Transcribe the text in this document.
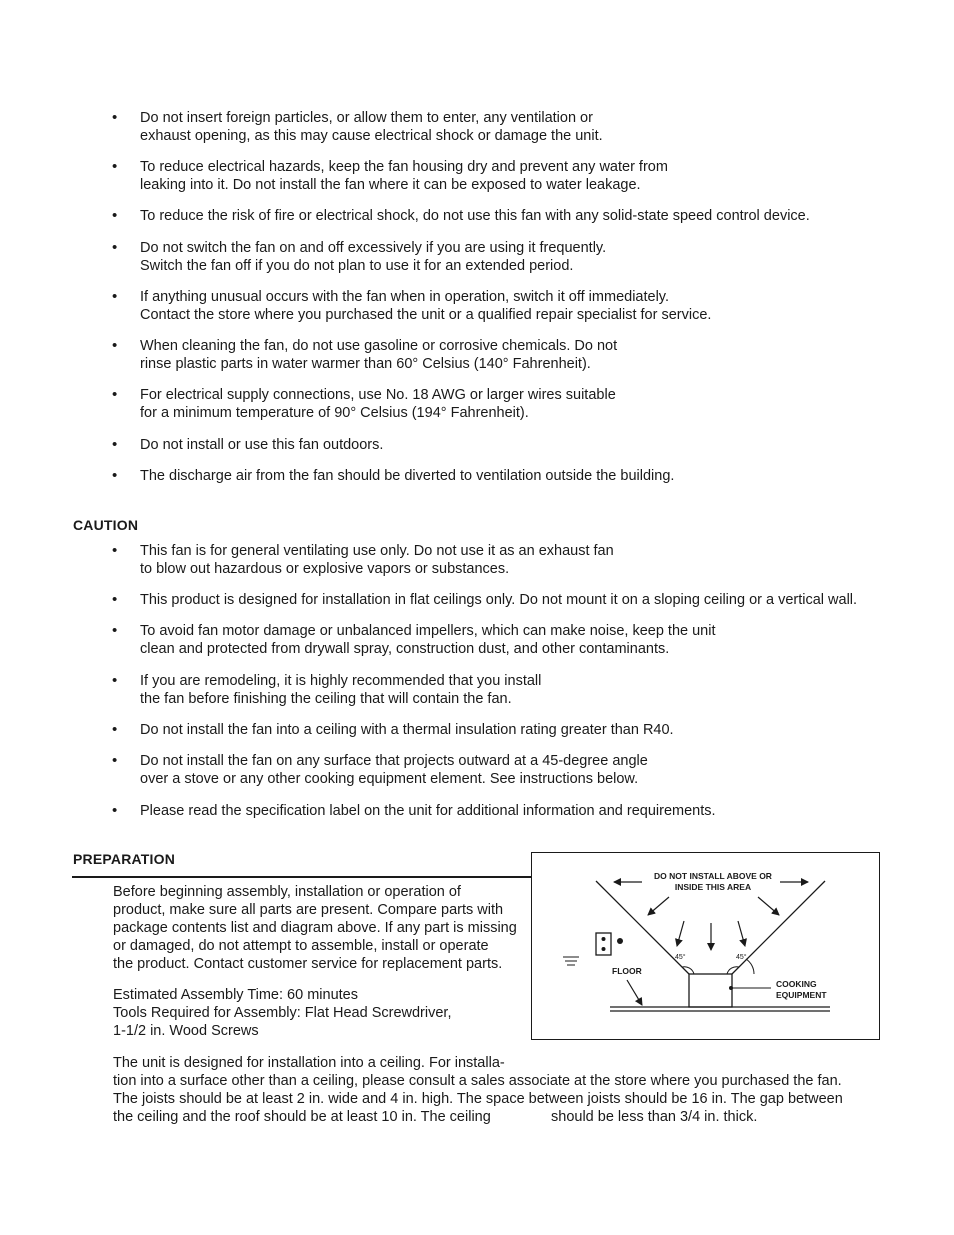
• Do not insert foreign particles, or allow them to enter, any ventilation or
exhaust opening, as this may cause electrical shock or damage the unit.
• To reduce electrical hazards, keep the fan housing dry and prevent any water from
leaking into it. Do not install the fan where it can be exposed to water leakage.
• To reduce the risk of fire or electrical shock, do not use this fan with any solid-state speed control device.
• Do not switch the fan on and off excessively if you are using it frequently.
Switch the fan off if you do not plan to use it for an extended period.
• If anything unusual occurs with the fan when in operation, switch it off immediately.
Contact the store where you purchased the unit or a qualified repair specialist for service.
• When cleaning the fan, do not use gasoline or corrosive chemicals. Do not
rinse plastic parts in water warmer than 60° Celsius (140° Fahrenheit).
• For electrical supply connections, use No. 18 AWG or larger wires suitable
for a minimum temperature of 90° Celsius (194° Fahrenheit).
• Do not install or use this fan outdoors.
• The discharge air from the fan should be diverted to ventilation outside the building.
CAUTION
• This fan is for general ventilating use only. Do not use it as an exhaust fan
to blow out hazardous or explosive vapors or substances.
• This product is designed for installation in flat ceilings only. Do not mount it on a sloping ceiling or a vertical wall.
• To avoid fan motor damage or unbalanced impellers, which can make noise, keep the unit
clean and protected from drywall spray, construction dust, and other contaminants.
• If you are remodeling, it is highly recommended that you install
the fan before finishing the ceiling that will contain the fan.
• Do not install the fan into a ceiling with a thermal insulation rating greater than R40.
• Do not install the fan on any surface that projects outward at a 45-degree angle
over a stove or any other cooking equipment element. See instructions below.
• Please read the specification label on the unit for additional information and requirements.
PREPARATION
Before beginning assembly, installation or operation of
product, make sure all parts are present. Compare parts with
package contents list and diagram above. If any part is missing
or damaged, do not attempt to assemble, install or operate
the product. Contact customer service for replacement parts.
Estimated Assembly Time: 60 minutes
Tools Required for Assembly: Flat Head Screwdriver,
1-1/2 in. Wood Screws
The unit is designed for installation into a ceiling. For installa-
tion into a surface other than a ceiling, please consult a sales associate at the store where you purchased the fan.
The joists should be at least 2 in. wide and 4 in. high. The space between joists should be 16 in. The gap between
the ceiling and the roof should be at least 10 in. The ceiling	should be less than 3/4 in. thick.
DO NOT INSTALL ABOVE OR
INSIDE THIS AREA
45°	45°
FLOOR
COOKING
EQUIPMENT
